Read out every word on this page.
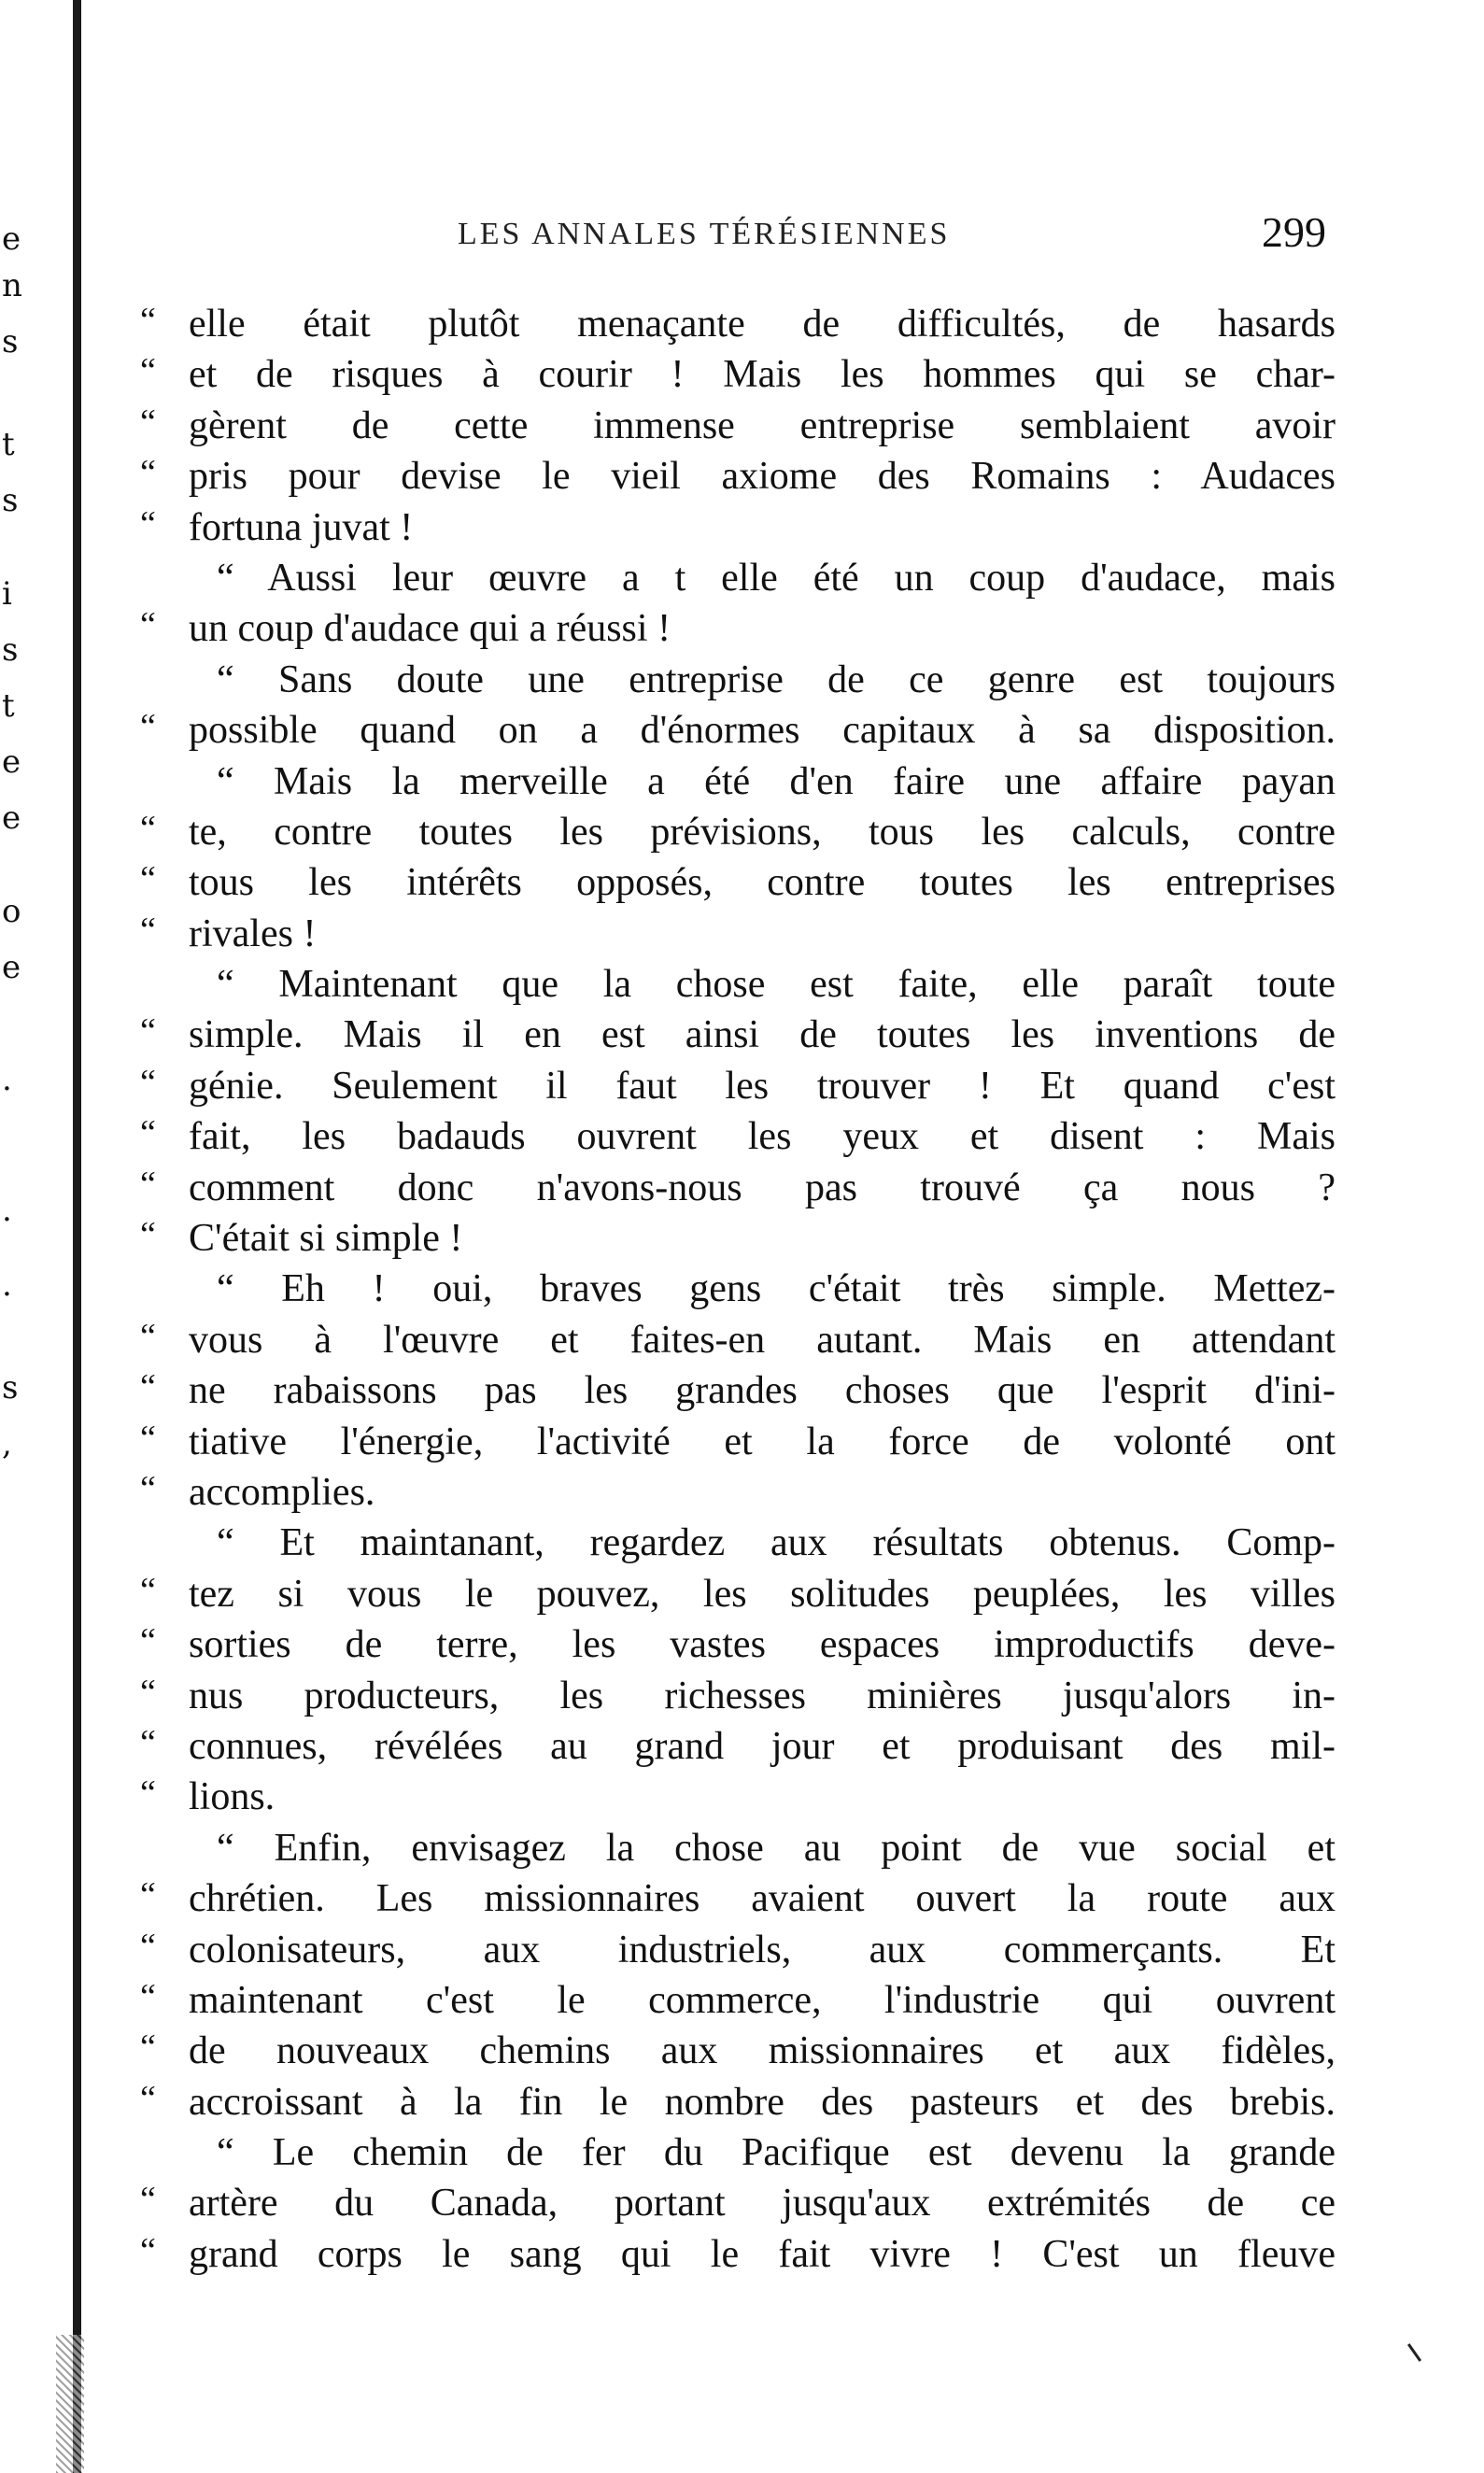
e
n
s
t
s
i
s
t
e
e
o
e
.
.
.
s
,
LES ANNALES TÉRÉSIENNES	299
“ elle était plutôt menaçante de difficultés, de hasards
“ et de risques à courir ! Mais les hommes qui se char-
“ gèrent de cette immense entreprise semblaient avoir
“ pris pour devise le vieil axiome des Romains : Audaces
“ fortuna juvat !
“ Aussi leur œuvre a t elle été un coup d'audace, mais
“ un coup d'audace qui a réussi !
“ Sans doute une entreprise de ce genre est toujours
“ possible quand on a d'énormes capitaux à sa disposition.
“ Mais la merveille a été d'en faire une affaire payan
“ te, contre toutes les prévisions, tous les calculs, contre
“ tous les intérêts opposés, contre toutes les entreprises
“ rivales !
“ Maintenant que la chose est faite, elle paraît toute
“ simple. Mais il en est ainsi de toutes les inventions de
“ génie. Seulement il faut les trouver ! Et quand c'est
“ fait, les badauds ouvrent les yeux et disent : Mais
“ comment donc n'avons-nous pas trouvé ça nous ?
“ C'était si simple !
“ Eh ! oui, braves gens c'était très simple. Mettez-
“ vous à l'œuvre et faites-en autant. Mais en attendant
“ ne rabaissons pas les grandes choses que l'esprit d'ini-
“ tiative l'énergie, l'activité et la force de volonté ont
“ accomplies.
“ Et maintanant, regardez aux résultats obtenus. Comp-
“ tez si vous le pouvez, les solitudes peuplées, les villes
“ sorties de terre, les vastes espaces improductifs deve-
“ nus producteurs, les richesses minières jusqu'alors in-
“ connues, révélées au grand jour et produisant des mil-
“ lions.
“ Enfin, envisagez la chose au point de vue social et
“ chrétien. Les missionnaires avaient ouvert la route aux
“ colonisateurs, aux industriels, aux commerçants. Et
“ maintenant c'est le commerce, l'industrie qui ouvrent
“ de nouveaux chemins aux missionnaires et aux fidèles,
“ accroissant à la fin le nombre des pasteurs et des brebis.
“ Le chemin de fer du Pacifique est devenu la grande
“ artère du Canada, portant jusqu'aux extrémités de ce
“ grand corps le sang qui le fait vivre ! C'est un fleuve
